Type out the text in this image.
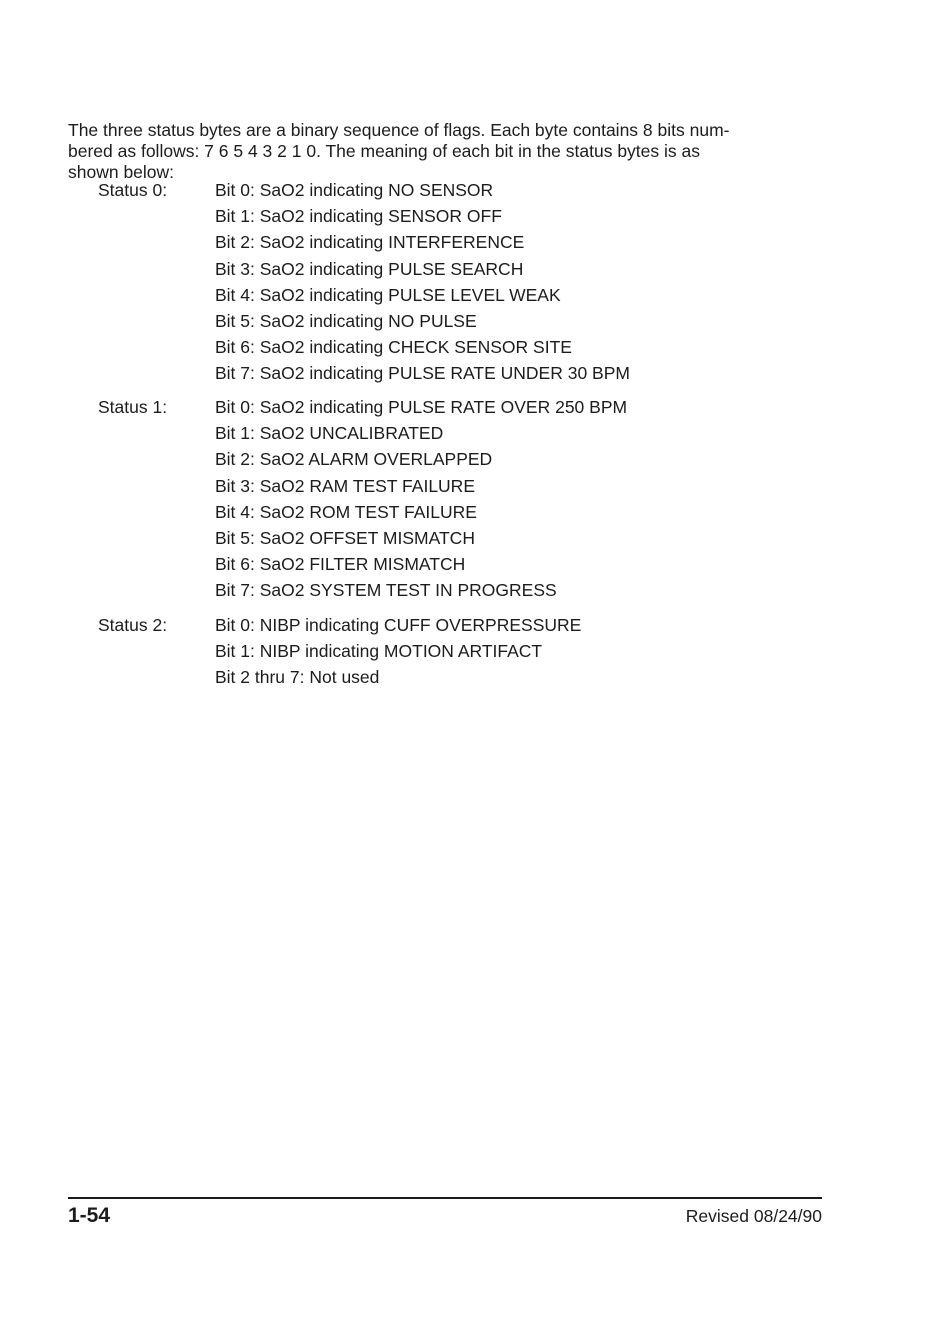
The three status bytes are a binary sequence of flags. Each byte contains 8 bits num-
bered as follows: 7 6 5 4 3 2 1 0. The meaning of each bit in the status bytes is as
shown below:
Status 0:	Bit 0: SaO2 indicating NO SENSOR
Bit 1: SaO2 indicating SENSOR OFF
Bit 2: SaO2 indicating INTERFERENCE
Bit 3: SaO2 indicating PULSE SEARCH
Bit 4: SaO2 indicating PULSE LEVEL WEAK
Bit 5: SaO2 indicating NO PULSE
Bit 6: SaO2 indicating CHECK SENSOR SITE
Bit 7: SaO2 indicating PULSE RATE UNDER 30 BPM
Status 1:	Bit 0: SaO2 indicating PULSE RATE OVER 250 BPM
Bit 1: SaO2 UNCALIBRATED
Bit 2: SaO2 ALARM OVERLAPPED
Bit 3: SaO2 RAM TEST FAILURE
Bit 4: SaO2 ROM TEST FAILURE
Bit 5: SaO2 OFFSET MISMATCH
Bit 6: SaO2 FILTER MISMATCH
Bit 7: SaO2 SYSTEM TEST IN PROGRESS
Status 2:	Bit 0: NIBP indicating CUFF OVERPRESSURE
Bit 1: NIBP indicating MOTION ARTIFACT
Bit 2 thru 7: Not used
1-54	Revised 08/24/90
